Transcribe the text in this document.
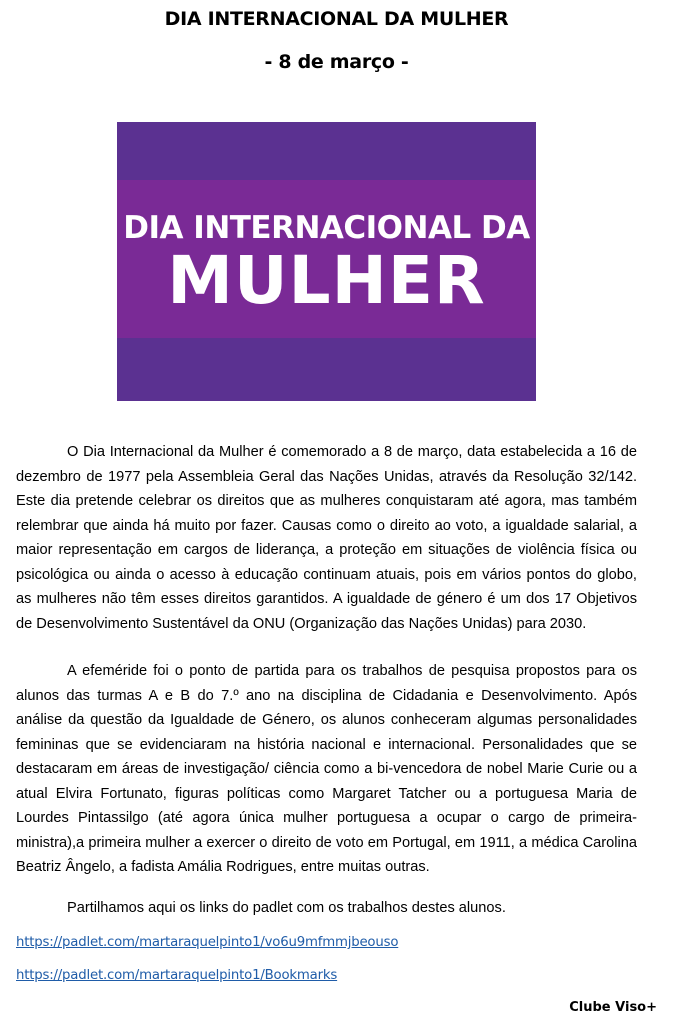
DIA INTERNACIONAL DA MULHER
- 8 de março -
DIA INTERNACIONAL DA
MULHER

O Dia Internacional da Mulher é comemorado a 8 de março, data estabelecida a 16 de dezembro de 1977 pela Assembleia Geral das Nações Unidas, através da Resolução 32/142. Este dia pretende celebrar os direitos que as mulheres conquistaram até agora, mas também relembrar que ainda há muito por fazer. Causas como o direito ao voto, a igualdade salarial, a maior representação em cargos de liderança, a proteção em situações de violência física ou psicológica ou ainda o acesso à educação continuam atuais, pois em vários pontos do globo, as mulheres não têm esses direitos garantidos. A igualdade de género é um dos 17 Objetivos de Desenvolvimento Sustentável da ONU (Organização das Nações Unidas) para 2030.

A efeméride foi o ponto de partida para os trabalhos de pesquisa propostos para os alunos das turmas A e B do 7.º ano na disciplina de Cidadania e Desenvolvimento. Após análise da questão da Igualdade de Género, os alunos conheceram algumas personalidades femininas que se evidenciaram na história nacional e internacional. Personalidades que se destacaram em áreas de investigação/ ciência como a bi-vencedora de nobel Marie Curie ou a atual Elvira Fortunato, figuras políticas como Margaret Tatcher ou a portuguesa Maria de Lourdes Pintassilgo (até agora única mulher portuguesa a ocupar o cargo de primeira-ministra),a primeira mulher a exercer o direito de voto em Portugal, em 1911, a médica Carolina Beatriz Ângelo, a fadista Amália Rodrigues, entre muitas outras.

Partilhamos aqui os links do padlet com os trabalhos destes alunos.

https://padlet.com/martaraquelpinto1/vo6u9mfmmjbeouso
https://padlet.com/martaraquelpinto1/Bookmarks
Clube Viso+
